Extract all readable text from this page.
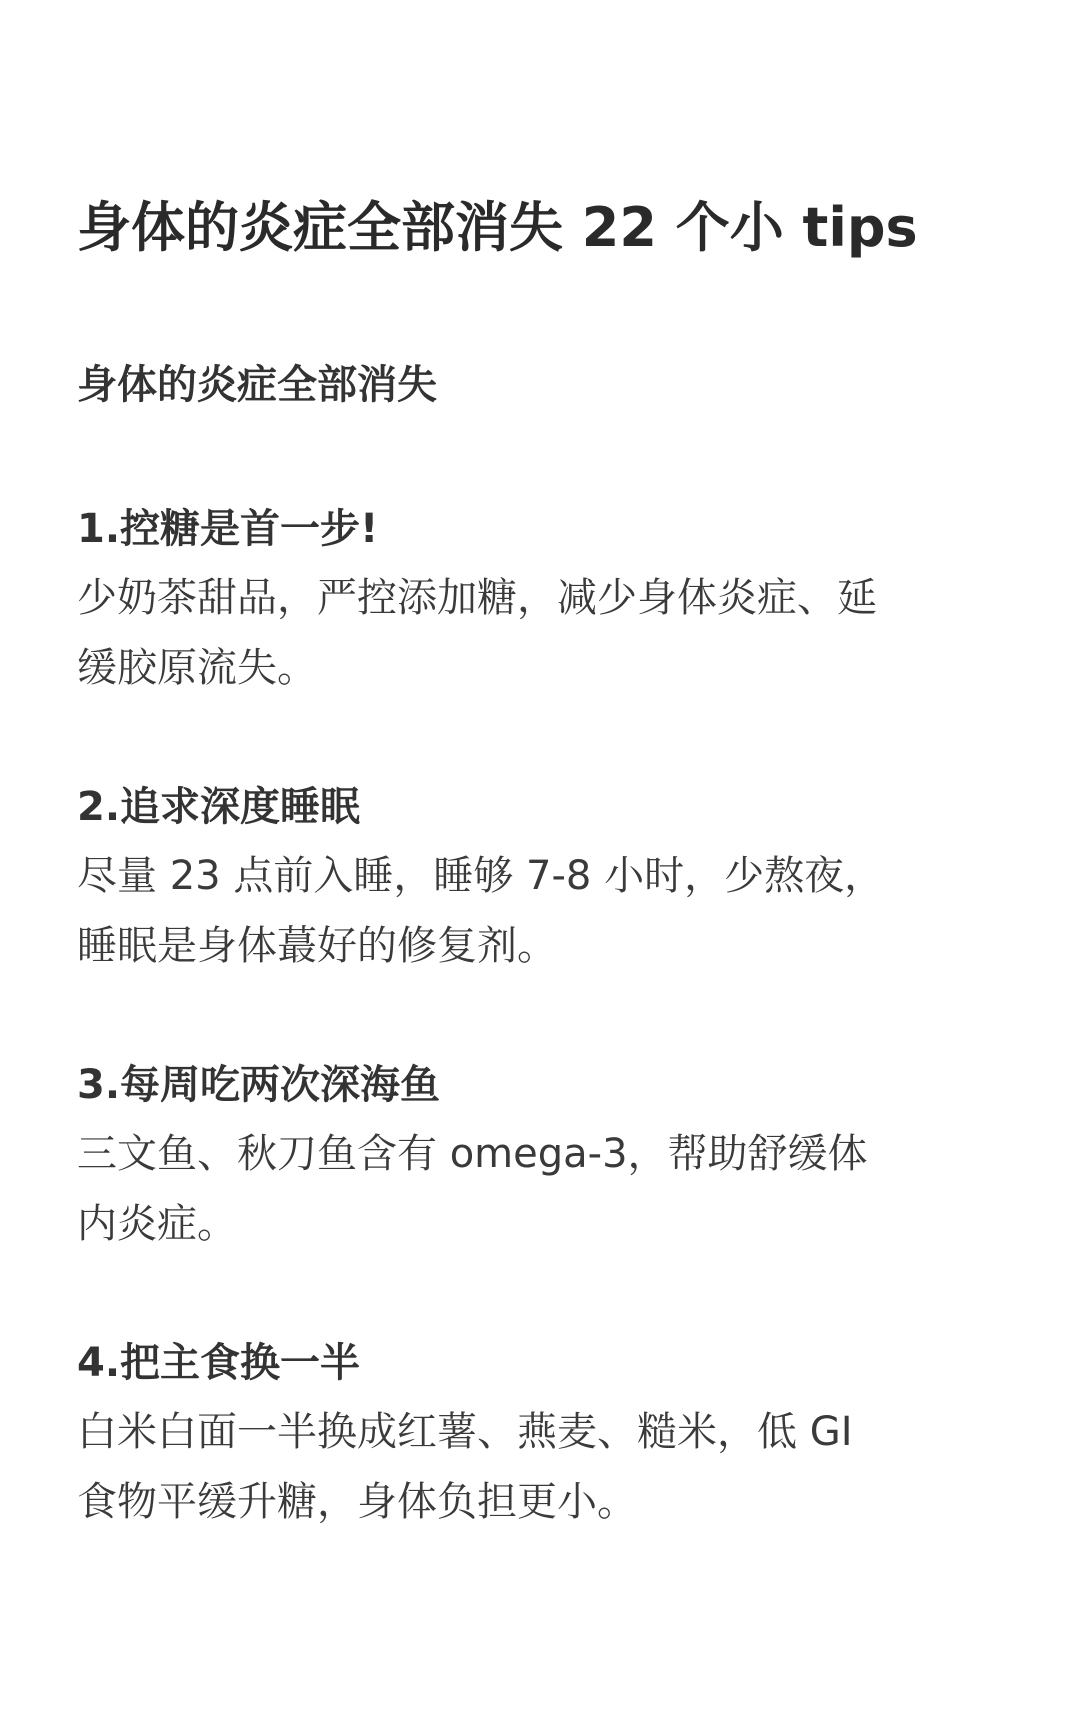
身体的炎症全部消失 22 个小 tips
身体的炎症全部消失

1.控糖是首一步!

少奶茶甜品，严控添加糖，减少身体炎症、延
缓胶原流失。

2.追求深度睡眠

尽量 23 点前入睡，睡够 7-8 小时，少熬夜，
睡眠是身体蕞好的修复剂。

3.每周吃两次深海鱼

三文鱼、秋刀鱼含有 omega-3，帮助舒缓体
内炎症。

4.把主食换一半

白米白面一半换成红薯、燕麦、糙米，低 GI
食物平缓升糖，身体负担更小。
